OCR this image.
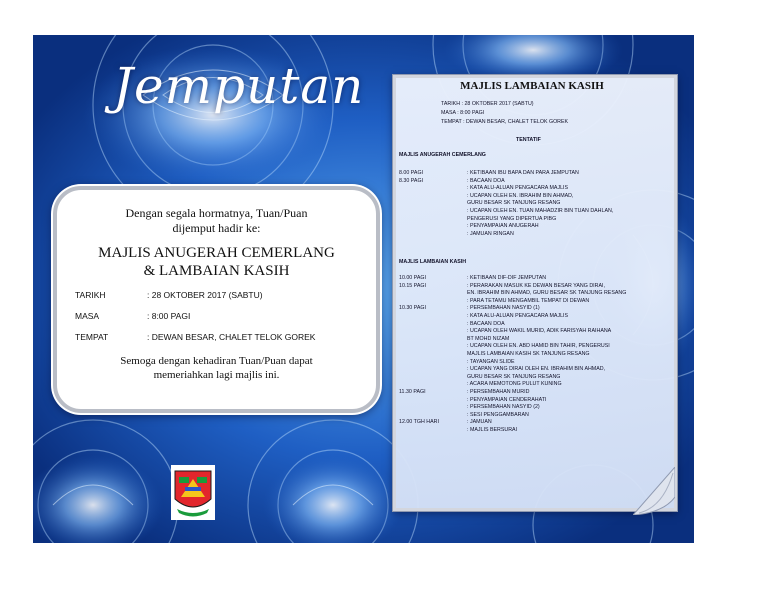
Jemputan
Dengan segala hormatnya, Tuan/Puan
dijemput hadir ke:
MAJLIS ANUGERAH CEMERLANG
& LAMBAIAN KASIH
TARIKH	: 28 OKTOBER 2017 (SABTU)
MASA	: 8:00 PAGI
TEMPAT	: DEWAN BESAR, CHALET TELOK GOREK
Semoga dengan kehadiran Tuan/Puan dapat
memeriahkan lagi majlis ini.
MAJLIS LAMBAIAN KASIH
TARIKH : 28 OKTOBER 2017 (SABTU)
MASA : 8:00 PAGI
TEMPAT : DEWAN BESAR, CHALET TELOK GOREK
TENTATIF
MAJLIS ANUGERAH CEMERLANG
8.00 PAGI	: KETIBAAN IBU BAPA DAN PARA JEMPUTAN
8.30 PAGI	: BACAAN DOA
: KATA ALU-ALUAN PENGACARA MAJLIS
: UCAPAN OLEH EN. IBRAHIM BIN AHMAD,
GURU BESAR SK TANJUNG RESANG
: UCAPAN OLEH EN. TUAN MAHADZIR BIN TUAN DAHLAN,
PENGERUSI YANG DIPERTUA PIBG
: PENYAMPAIAN ANUGERAH
: JAMUAN RINGAN
MAJLIS LAMBAIAN KASIH
10.00 PAGI	: KETIBAAN DIF-DIF JEMPUTAN
10.15 PAGI	: PERARAKAN MASUK KE DEWAN BESAR YANG DIRAI,
EN. IBRAHIM BIN AHMAD, GURU BESAR SK TANJUNG RESANG
: PARA TETAMU MENGAMBIL TEMPAT DI DEWAN
10.30 PAGI	: PERSEMBAHAN NASYID (1)
: KATA ALU-ALUAN PENGACARA MAJLIS
: BACAAN DOA
: UCAPAN OLEH WAKIL MURID, ADIK FARISYAH RAIHANA
BT MOHD NIZAM
: UCAPAN OLEH EN. ABD HAMID BIN TAHIR, PENGERUSI
MAJLIS LAMBAIAN KASIH SK TANJUNG RESANG
: TAYANGAN SLIDE
: UCAPAN YANG DIRAI OLEH EN. IBRAHIM BIN AHMAD,
GURU BESAR SK TANJUNG RESANG
: ACARA MEMOTONG PULUT KUNING
11.30 PAGI	: PERSEMBAHAN MURID
: PENYAMPAIAN CENDERAHATI
: PERSEMBAHAN NASYID (2)
: SESI PENGGAMBARAN
12.00 TGH HARI	: JAMUAN
: MAJLIS BERSURAI
